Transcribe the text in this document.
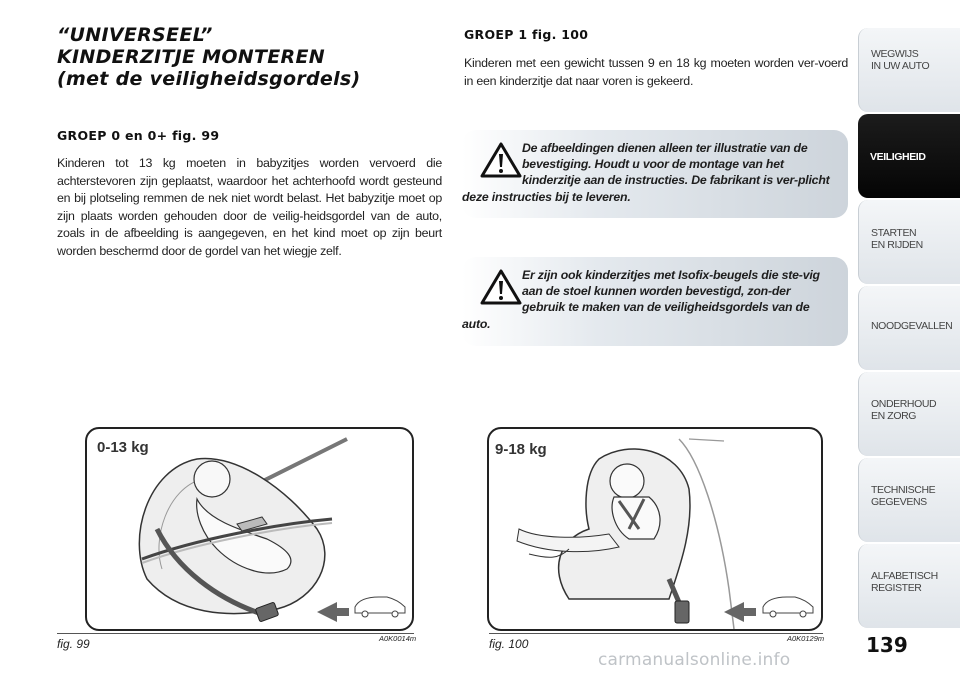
“UNIVERSEEL”
KINDERZITJE MONTEREN
(met de veiligheidsgordels)
GROEP 0 en 0+ fig. 99
Kinderen tot 13 kg moeten in babyzitjes worden vervoerd die achterstevoren zijn geplaatst, waardoor het achterhoofd wordt gesteund en bij plotseling remmen de nek niet wordt belast. Het babyzitje moet op zijn plaats worden gehouden door de veilig-heidsgordel van de auto, zoals in de afbeelding is aangegeven, en het kind moet op zijn beurt worden beschermd door de gordel van het wiegje zelf.
GROEP 1 fig. 100
Kinderen met een gewicht tussen 9 en 18 kg moeten worden ver-voerd in een kinderzitje dat naar voren is gekeerd.
De afbeeldingen dienen alleen ter illustratie van de bevestiging. Houdt u voor de montage van het kinderzitje aan de instructies. De fabrikant is ver-plicht deze instructies bij te leveren.
Er zijn ook kinderzitjes met Isofix-beugels die ste-vig aan de stoel kunnen worden bevestigd, zon-der gebruik te maken van de veiligheidsgordels van de auto.
0-13 kg
fig. 99	A0K0014m
9-18 kg
fig. 100	A0K0129m 139
WEGWIJS
IN UW AUTO
VEILIGHEID
STARTEN
EN RIJDEN
NOODGEVALLEN
ONDERHOUD
EN ZORG
TECHNISCHE
GEGEVENS
ALFABETISCH
REGISTER
carmanualsonline.info
